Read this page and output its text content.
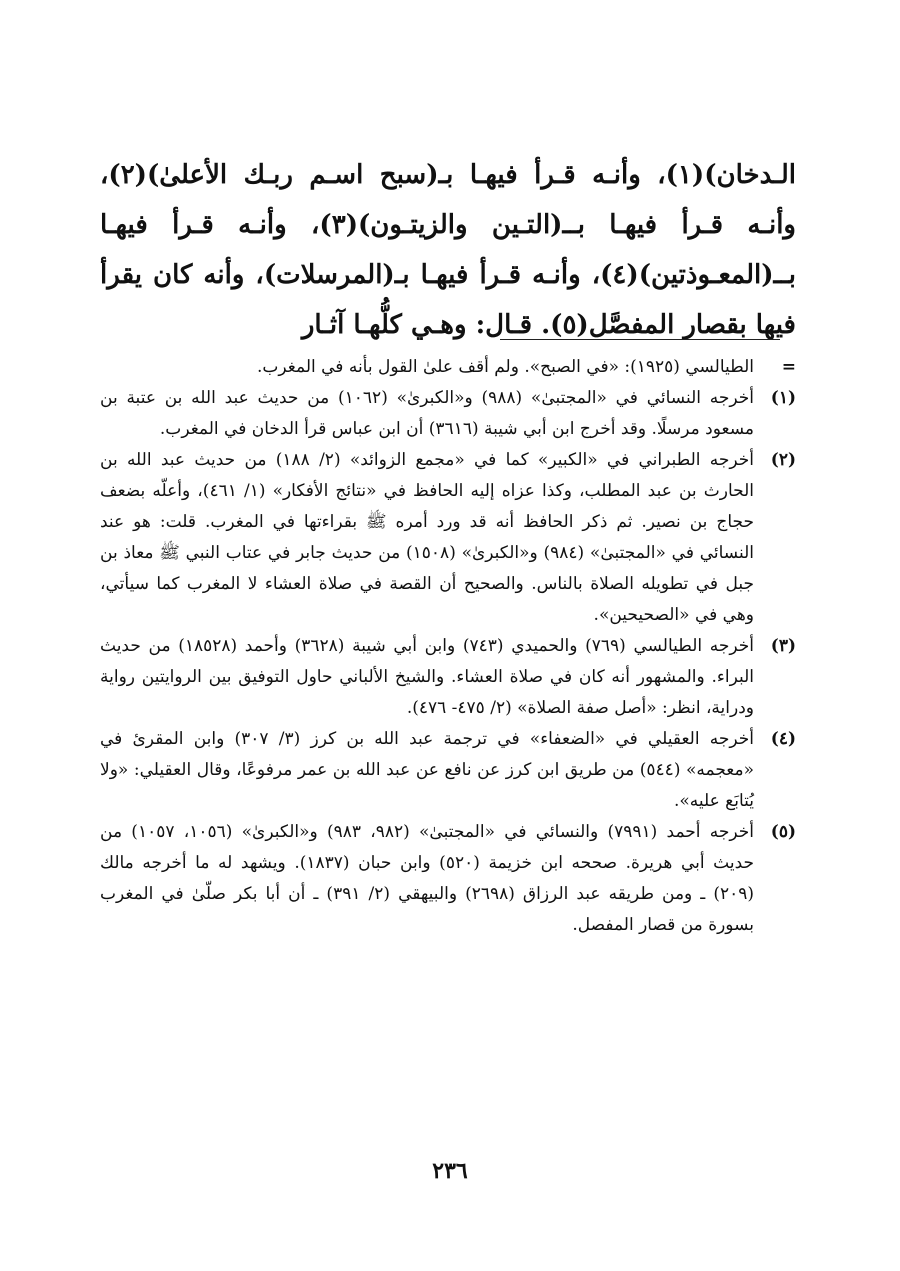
الـدخان)(١)، وأنـه قـرأ فيهـا بـ(سبح اسـم ربـك الأعلىٰ)(٢)، وأنـه قـرأ فيهـا بــ(التـين والزيتـون)(٣)، وأنـه قـرأ فيهـا بــ(المعـوذتين)(٤)، وأنـه قـرأ فيهـا بـ(المرسلات)، وأنه كان يقرأ فيها بقصار المفصَّل(٥). قـال: وهـي كلُّهـا آثـار

=
الطيالسي (١٩٢٥): «في الصبح». ولم أقف علىٰ القول بأنه في المغرب.
(١)
أخرجه النسائي في «المجتبىٰ» (٩٨٨) و«الكبرىٰ» (١٠٦٢) من حديث عبد الله بن عتبة بن مسعود مرسلًا. وقد أخرج ابن أبي شيبة (٣٦١٦) أن ابن عباس قرأ الدخان في المغرب.
(٢)
أخرجه الطبراني في «الكبير» كما في «مجمع الزوائد» (٢/ ١٨٨) من حديث عبد الله بن الحارث بن عبد المطلب، وكذا عزاه إليه الحافظ في «نتائج الأفكار» (١/ ٤٦١)، وأعلّه بضعف حجاج بن نصير. ثم ذكر الحافظ أنه قد ورد أمره ﷺ بقراءتها في المغرب. قلت: هو عند النسائي في «المجتبىٰ» (٩٨٤) و«الكبرىٰ» (١٥٠٨) من حديث جابر في عتاب النبي ﷺ معاذ بن جبل في تطويله الصلاة بالناس. والصحيح أن القصة في صلاة العشاء لا المغرب كما سيأتي، وهي في «الصحيحين».
(٣)
أخرجه الطيالسي (٧٦٩) والحميدي (٧٤٣) وابن أبي شيبة (٣٦٢٨) وأحمد (١٨٥٢٨) من حديث البراء. والمشهور أنه كان في صلاة العشاء. والشيخ الألباني حاول التوفيق بين الروايتين رواية ودراية، انظر: «أصل صفة الصلاة» (٢/ ٤٧٥- ٤٧٦).
(٤)
أخرجه العقيلي في «الضعفاء» في ترجمة عبد الله بن كرز (٣/ ٣٠٧) وابن المقرئ في «معجمه» (٥٤٤) من طريق ابن كرز عن نافع عن عبد الله بن عمر مرفوعًا، وقال العقيلي: «ولا يُتابَع عليه».
(٥)
أخرجه أحمد (٧٩٩١) والنسائي في «المجتبىٰ» (٩٨٢، ٩٨٣) و«الكبرىٰ» (١٠٥٦، ١٠٥٧) من حديث أبي هريرة. صححه ابن خزيمة (٥٢٠) وابن حبان (١٨٣٧). ويشهد له ما أخرجه مالك (٢٠٩) ـ ومن طريقه عبد الرزاق (٢٦٩٨) والبيهقي (٢/ ٣٩١) ـ أن أبا بكر صلّىٰ في المغرب بسورة من قصار المفصل.
٢٣٦
